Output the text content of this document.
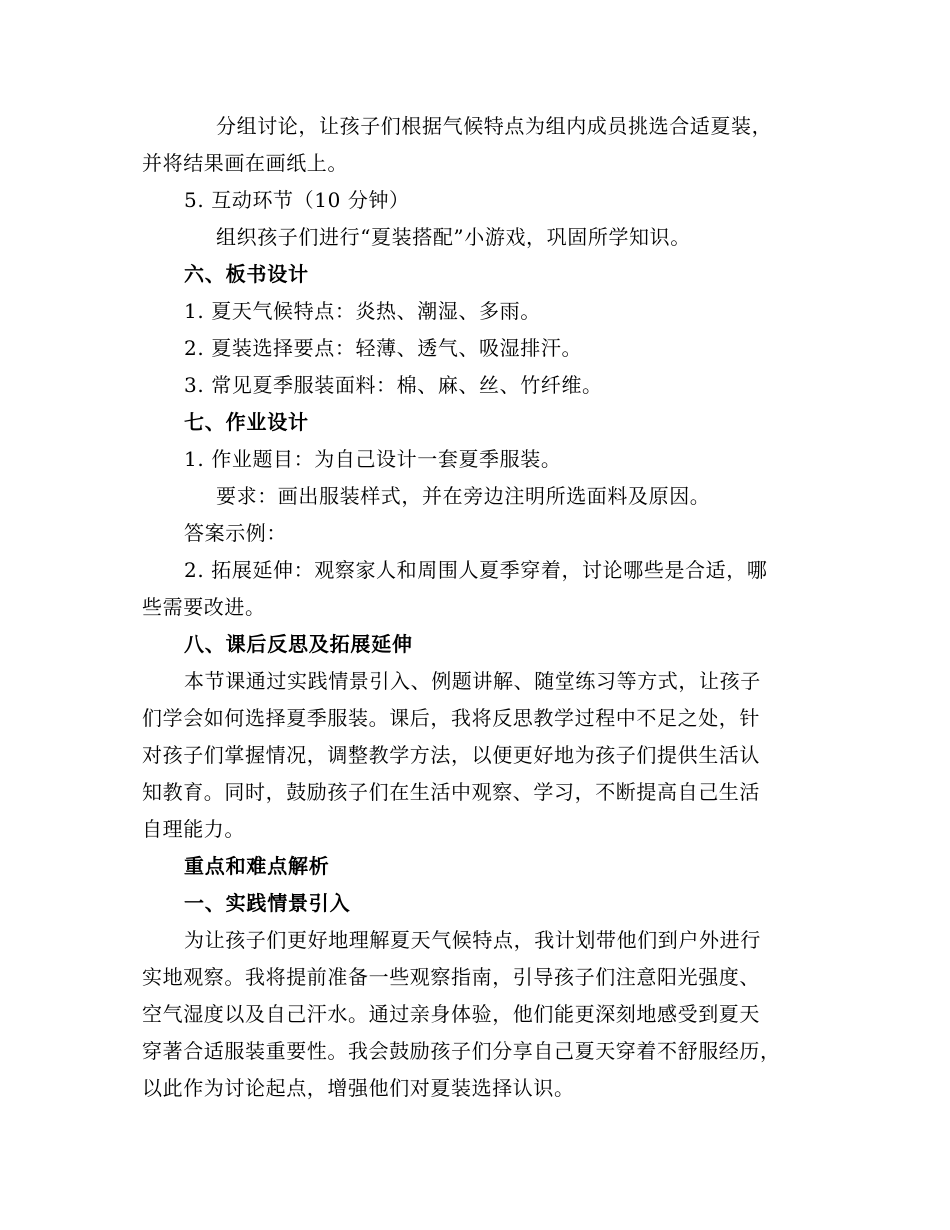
分组讨论，让孩子们根据气候特点为组内成员挑选合适夏装，
并将结果画在画纸上。
5. 互动环节（10 分钟）
组织孩子们进行“夏装搭配”小游戏，巩固所学知识。
六、板书设计
1. 夏天气候特点：炎热、潮湿、多雨。
2. 夏装选择要点：轻薄、透气、吸湿排汗。
3. 常见夏季服装面料：棉、麻、丝、竹纤维。
七、作业设计
1. 作业题目：为自己设计一套夏季服装。
要求：画出服装样式，并在旁边注明所选面料及原因。
答案示例：
2. 拓展延伸：观察家人和周围人夏季穿着，讨论哪些是合适，哪
些需要改进。
八、课后反思及拓展延伸
本节课通过实践情景引入、例题讲解、随堂练习等方式，让孩子
们学会如何选择夏季服装。课后，我将反思教学过程中不足之处，针
对孩子们掌握情况，调整教学方法，以便更好地为孩子们提供生活认
知教育。同时，鼓励孩子们在生活中观察、学习，不断提高自己生活
自理能力。
重点和难点解析
一、实践情景引入
为让孩子们更好地理解夏天气候特点，我计划带他们到户外进行
实地观察。我将提前准备一些观察指南，引导孩子们注意阳光强度、
空气湿度以及自己汗水。通过亲身体验，他们能更深刻地感受到夏天
穿著合适服装重要性。我会鼓励孩子们分享自己夏天穿着不舒服经历，
以此作为讨论起点，增强他们对夏装选择认识。
